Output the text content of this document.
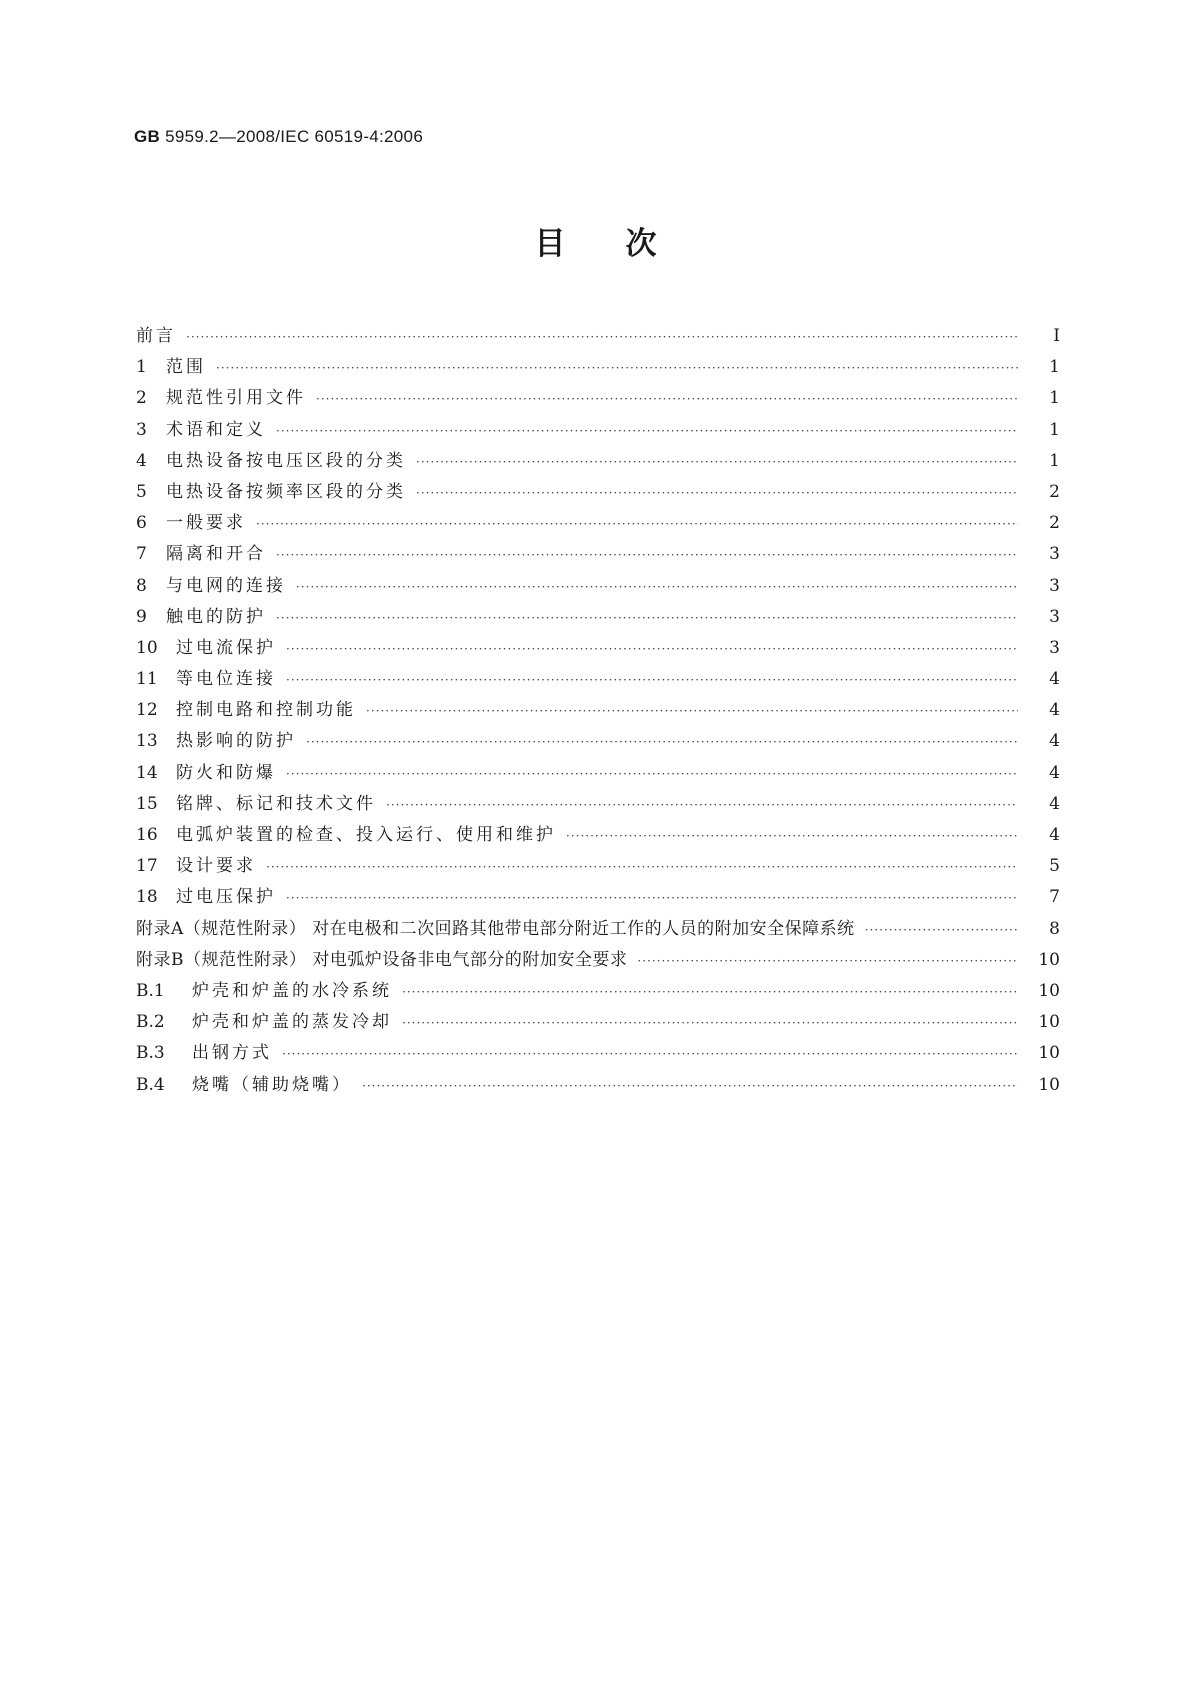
GB 5959.2—2008/IEC 60519-4:2006
目次
前言 ·····	I
1	范围 ·····	1
2	规范性引用文件 ·····	1
3	术语和定义 ·····	1
4	电热设备按电压区段的分类 ·····	1
5	电热设备按频率区段的分类 ·····	2
6	一般要求 ·····	2
7	隔离和开合 ·····	3
8	与电网的连接 ·····	3
9	触电的防护 ·····	3
10	过电流保护 ·····	3
11	等电位连接 ·····	4
12	控制电路和控制功能 ·····	4
13	热影响的防护 ·····	4
14	防火和防爆 ·····	4
15	铭牌、标记和技术文件 ·····	4
16	电弧炉装置的检查、投入运行、使用和维护 ·····	4
17	设计要求 ·····	5
18	过电压保护 ·····	7
附录A（规范性附录） 对在电极和二次回路其他带电部分附近工作的人员的附加安全保障系统 ·····	8
附录B（规范性附录） 对电弧炉设备非电气部分的附加安全要求 ·····	10
B.1	炉壳和炉盖的水冷系统 ·····	10
B.2	炉壳和炉盖的蒸发冷却 ·····	10
B.3	出钢方式 ·····	10
B.4	烧嘴（辅助烧嘴） ·····	10
